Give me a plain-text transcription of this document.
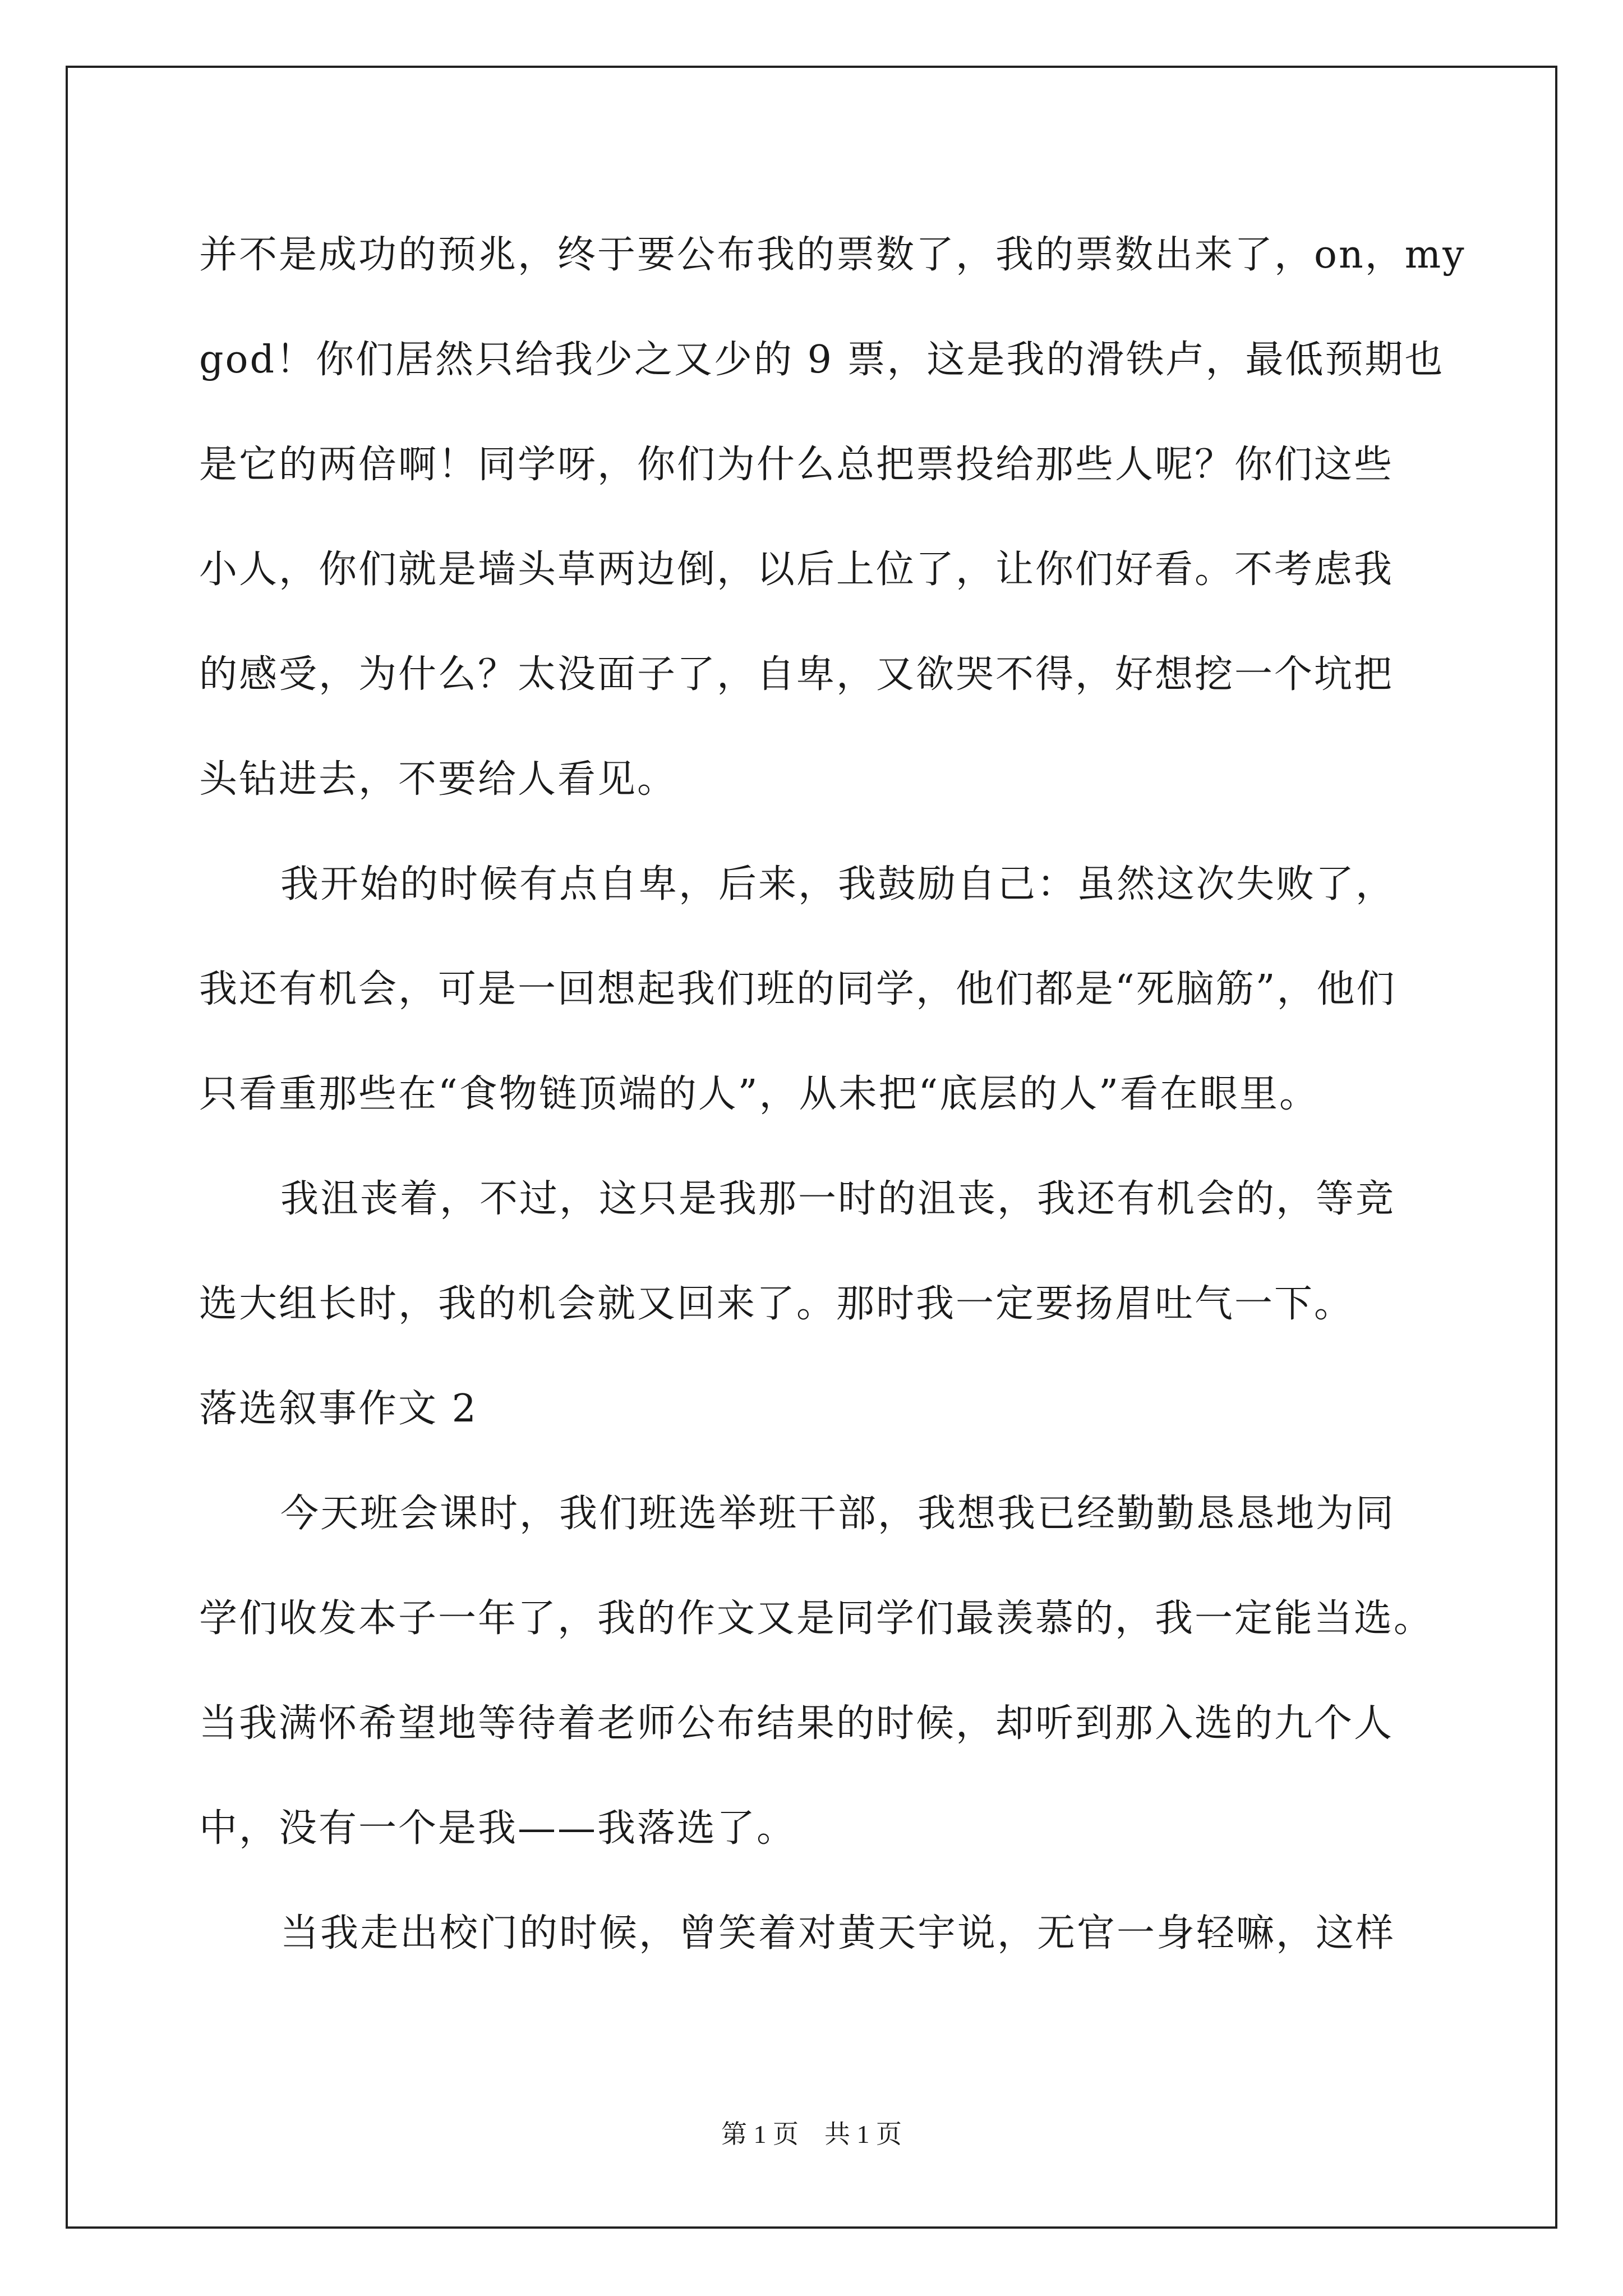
并不是成功的预兆，终于要公布我的票数了，我的票数出来了，on，my
god！你们居然只给我少之又少的 9 票，这是我的滑铁卢，最低预期也
是它的两倍啊！同学呀，你们为什么总把票投给那些人呢？你们这些
小人，你们就是墙头草两边倒，以后上位了，让你们好看。不考虑我
的感受，为什么？太没面子了，自卑，又欲哭不得，好想挖一个坑把
头钻进去，不要给人看见。
我开始的时候有点自卑，后来，我鼓励自己：虽然这次失败了，
我还有机会，可是一回想起我们班的同学，他们都是“死脑筋”，他们
只看重那些在“食物链顶端的人”，从未把“底层的人”看在眼里。
我沮丧着，不过，这只是我那一时的沮丧，我还有机会的，等竞
选大组长时，我的机会就又回来了。那时我一定要扬眉吐气一下。
落选叙事作文 2
今天班会课时，我们班选举班干部，我想我已经勤勤恳恳地为同
学们收发本子一年了，我的作文又是同学们最羡慕的，我一定能当选。
当我满怀希望地等待着老师公布结果的时候，却听到那入选的九个人
中，没有一个是我——我落选了。
当我走出校门的时候，曾笑着对黄天宇说，无官一身轻嘛，这样
第 1 页　共 1 页
